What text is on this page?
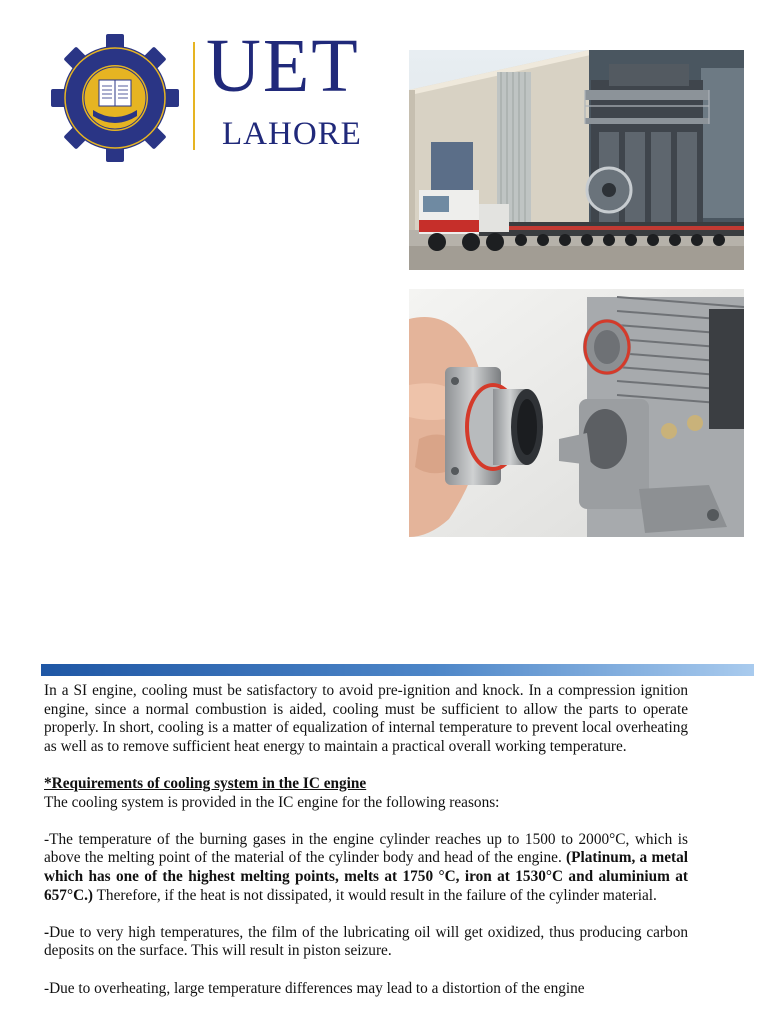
UET
LAHORE

In a SI engine, cooling must be satisfactory to avoid pre-ignition and knock. In a compression ignition engine, since a normal combustion is aided, cooling must be sufficient to allow the parts to operate properly. In short, cooling is a matter of equalization of internal temperature to prevent local overheating as well as to remove sufficient heat energy to maintain a practical overall working temperature.

*Requirements of cooling system in the IC engine

The cooling system is provided in the IC engine for the following reasons:

-The temperature of the burning gases in the engine cylinder reaches up to 1500 to 2000°C, which is above the melting point of the material of the cylinder body and head of the engine. (Platinum, a metal which has one of the highest melting points, melts at 1750 °C, iron at 1530°C and aluminium at 657°C.) Therefore, if the heat is not dissipated, it would result in the failure of the cylinder material.

-Due to very high temperatures, the film of the lubricating oil will get oxidized, thus producing carbon deposits on the surface. This will result in piston seizure.

-Due to overheating, large temperature differences may lead to a distortion of the engine
